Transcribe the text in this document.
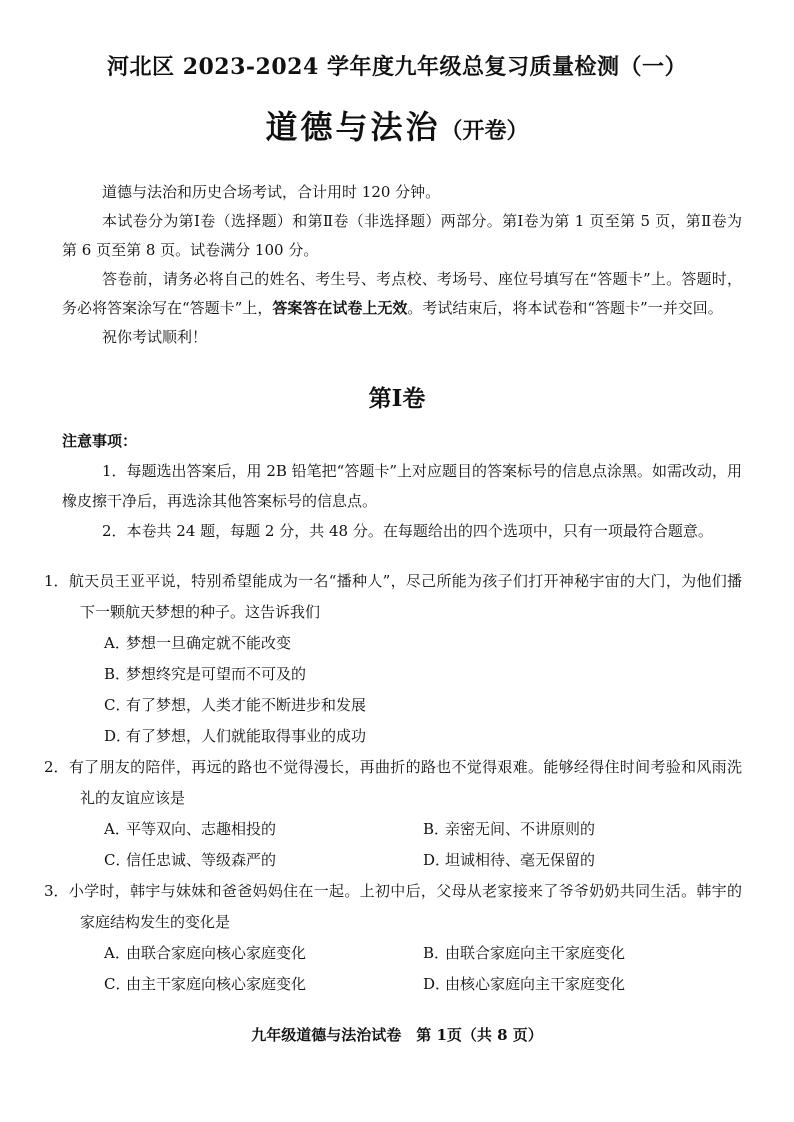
河北区 2023-2024 学年度九年级总复习质量检测（一）
道德与法治（开卷）

道德与法治和历史合场考试，合计用时 120 分钟。

本试卷分为第Ⅰ卷（选择题）和第Ⅱ卷（非选择题）两部分。第Ⅰ卷为第 1 页至第 5 页，第Ⅱ卷为第 6 页至第 8 页。试卷满分 100 分。

答卷前，请务必将自己的姓名、考生号、考点校、考场号、座位号填写在“答题卡”上。答题时，务必将答案涂写在“答题卡”上，答案答在试卷上无效。考试结束后，将本试卷和“答题卡”一并交回。

祝你考试顺利！

第Ⅰ卷

注意事项：

1．每题选出答案后，用 2B 铅笔把“答题卡”上对应题目的答案标号的信息点涂黑。如需改动，用橡皮擦干净后，再选涂其他答案标号的信息点。

2．本卷共 24 题，每题 2 分，共 48 分。在每题给出的四个选项中，只有一项最符合题意。

1．航天员王亚平说，特别希望能成为一名“播种人”，尽己所能为孩子们打开神秘宇宙的大门，为他们播下一颗航天梦想的种子。这告诉我们
A．梦想一旦确定就不能改变
B．梦想终究是可望而不可及的
C．有了梦想，人类才能不断进步和发展
D．有了梦想，人们就能取得事业的成功
2．有了朋友的陪伴，再远的路也不觉得漫长，再曲折的路也不觉得艰难。能够经得住时间考验和风雨洗礼的友谊应该是
A．平等双向、志趣相投的	B．亲密无间、不讲原则的
C．信任忠诚、等级森严的	D．坦诚相待、毫无保留的
3．小学时，韩宇与妹妹和爸爸妈妈住在一起。上初中后，父母从老家接来了爷爷奶奶共同生活。韩宇的家庭结构发生的变化是
A．由联合家庭向核心家庭变化	B．由联合家庭向主干家庭变化
C．由主干家庭向核心家庭变化	D．由核心家庭向主干家庭变化
九年级道德与法治试卷　第 1页（共 8 页）
